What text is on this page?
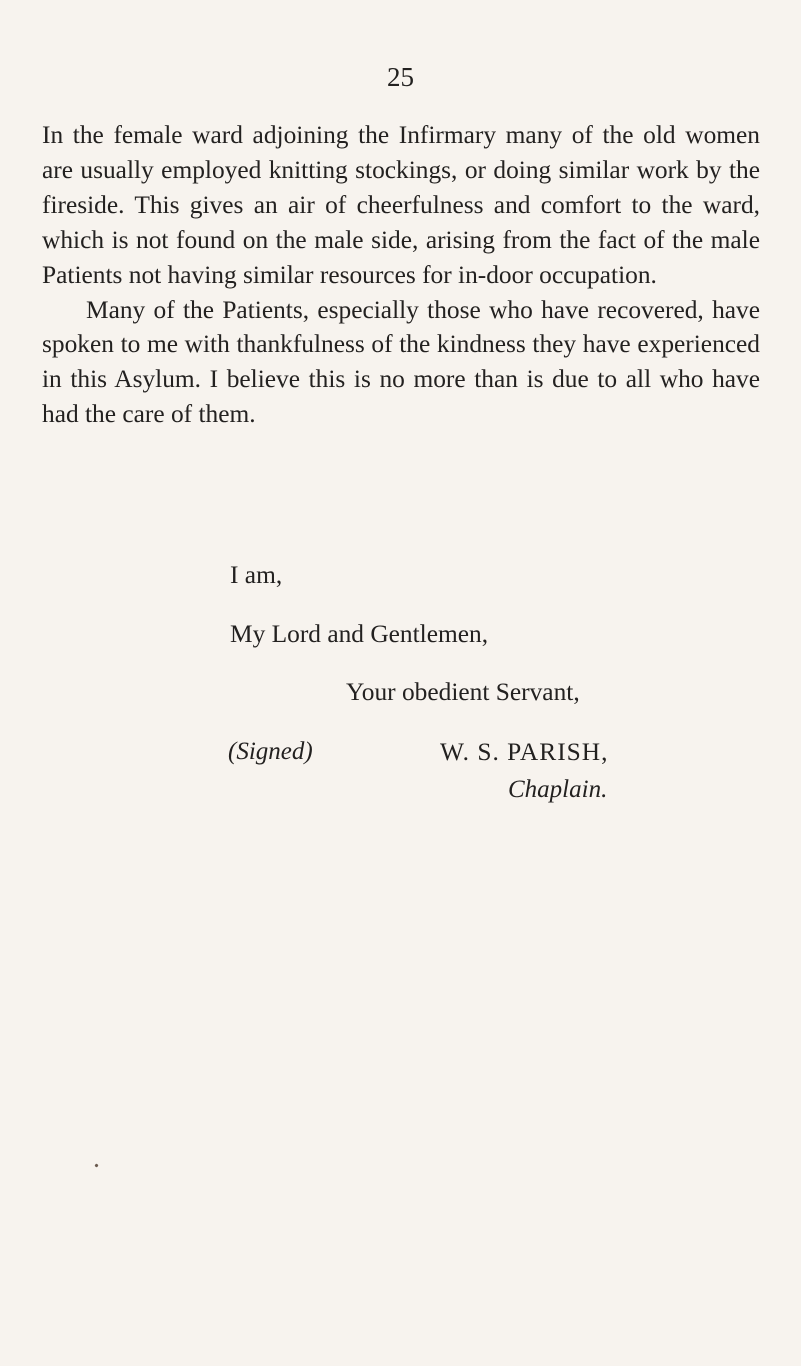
25

In the female ward adjoining the Infirmary many of the old women are usually employed knitting stockings, or doing similar work by the fireside. This gives an air of cheerfulness and comfort to the ward, which is not found on the male side, arising from the fact of the male Patients not having similar resources for in-door occupation.

Many of the Patients, especially those who have recovered, have spoken to me with thankfulness of the kindness they have experienced in this Asylum. I believe this is no more than is due to all who have had the care of them.

I am,
My Lord and Gentlemen,
Your obedient Servant,
(Signed)	W. S. PARISH,
Chaplain.
